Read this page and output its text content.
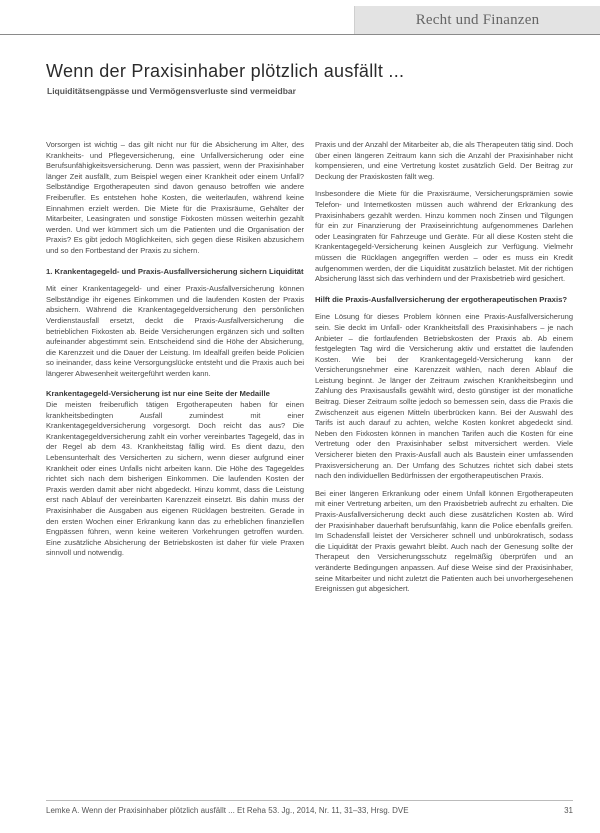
Recht und Finanzen
Wenn der Praxisinhaber plötzlich ausfällt ...

Liquiditätsengpässe und Vermögensverluste sind vermeidbar

Vorsorgen ist wichtig – das gilt nicht nur für die Absicherung im Alter, des Krankheits- und Pflegeversicherung, eine Unfallversicherung oder eine Berufsunfähigkeitsversicherung. Denn was passiert, wenn der Praxisinhaber länger Zeit ausfällt, zum Beispiel wegen einer Krankheit oder einem Unfall? Selbständige Ergotherapeuten sind davon genauso betroffen wie andere Freiberufler. Es entstehen hohe Kosten, die weiterlaufen, während keine Einnahmen erzielt werden. Die Miete für die Praxisräume, Gehälter der Mitarbeiter, Leasingraten und sonstige Fixkosten müssen weiterhin gezahlt werden. Und wer kümmert sich um die Patienten und die Organisation der Praxis? Es gibt jedoch Möglichkeiten, sich gegen diese Risiken abzusichern und so den Fortbestand der Praxis zu sichern.

1. Krankentagegeld- und Praxis-Ausfallversicherung sichern Liquidität

Mit einer Krankentagegeld- und einer Praxis-Ausfallversicherung können Selbständige ihr eigenes Einkommen und die laufenden Kosten der Praxis absichern. Während die Krankentagegeldversicherung den persönlichen Verdienstausfall ersetzt, deckt die Praxis-Ausfallversicherung die betrieblichen Fixkosten ab. Beide Versicherungen ergänzen sich und sollten aufeinander abgestimmt sein. Entscheidend sind die Höhe der Absicherung, die Karenzzeit und die Dauer der Leistung. Im Idealfall greifen beide Policien so ineinander, dass keine Versorgungslücke entsteht und die Praxis auch bei längerer Abwesenheit weitergeführt werden kann.

Krankentagegeld-Versicherung ist nur eine Seite der Medaille

Die meisten freiberuflich tätigen Ergotherapeuten haben für einen krankheitsbedingten Ausfall zumindest mit einer Krankentagegeldversicherung vorgesorgt. Doch reicht das aus? Die Krankentagegeldversicherung zahlt ein vorher vereinbartes Tagegeld, das in der Regel ab dem 43. Krankheitstag fällig wird. Es dient dazu, den Lebensunterhalt des Versicherten zu sichern, wenn dieser aufgrund einer Krankheit oder eines Unfalls nicht arbeiten kann. Die Höhe des Tagegeldes richtet sich nach dem bisherigen Einkommen. Die laufenden Kosten der Praxis werden damit aber nicht abgedeckt. Hinzu kommt, dass die Leistung erst nach Ablauf der vereinbarten Karenzzeit einsetzt. Bis dahin muss der Praxisinhaber die Ausgaben aus eigenen Rücklagen bestreiten. Gerade in den ersten Wochen einer Erkrankung kann das zu erheblichen finanziellen Engpässen führen, wenn keine weiteren Vorkehrungen getroffen wurden. Eine zusätzliche Absicherung der Betriebskosten ist daher für viele Praxen sinnvoll und notwendig.

Praxis und der Anzahl der Mitarbeiter ab, die als Therapeuten tätig sind. Doch über einen längeren Zeitraum kann sich die Anzahl der Praxisinhaber nicht kompensieren, und eine Vertretung kostet zusätzlich Geld. Der Beitrag zur Deckung der Praxiskosten fällt weg.

Insbesondere die Miete für die Praxisräume, Versicherungsprämien sowie Telefon- und Internetkosten müssen auch während der Erkrankung des Praxisinhabers gezahlt werden. Hinzu kommen noch Zinsen und Tilgungen für ein zur Finanzierung der Praxiseinrichtung aufgenommenes Darlehen oder Leasingraten für Fahrzeuge und Geräte. Für all diese Kosten steht die Krankentagegeld-Versicherung keinen Ausgleich zur Verfügung. Vielmehr müssen die Rücklagen angegriffen werden – oder es muss ein Kredit aufgenommen werden, der die Liquidität zusätzlich belastet. Mit der richtigen Absicherung lässt sich das verhindern und der Praxisbetrieb wird gesichert.

Hilft die Praxis-Ausfallversicherung der ergotherapeutischen Praxis?

Eine Lösung für dieses Problem können eine Praxis-Ausfallversicherung sein. Sie deckt im Unfall- oder Krankheitsfall des Praxisinhabers – je nach Anbieter – die fortlaufenden Betriebskosten der Praxis ab. Ab einem festgelegten Tag wird die Versicherung aktiv und erstattet die laufenden Kosten. Wie bei der Krankentagegeld-Versicherung kann der Versicherungsnehmer eine Karenzzeit wählen, nach deren Ablauf die Leistung beginnt. Je länger der Zeitraum zwischen Krankheitsbeginn und Zahlung des Praxisausfalls gewählt wird, desto günstiger ist der monatliche Beitrag. Dieser Zeitraum sollte jedoch so bemessen sein, dass die Praxis die Zwischenzeit aus eigenen Mitteln überbrücken kann. Bei der Auswahl des Tarifs ist auch darauf zu achten, welche Kosten konkret abgedeckt sind. Neben den Fixkosten können in manchen Tarifen auch die Kosten für eine Vertretung oder den Praxisinhaber selbst mitversichert werden. Viele Versicherer bieten den Praxis-Ausfall auch als Baustein einer umfassenden Praxisversicherung an. Der Umfang des Schutzes richtet sich dabei stets nach den individuellen Bedürfnissen der ergotherapeutischen Praxis.

Bei einer längeren Erkrankung oder einem Unfall können Ergotherapeuten mit einer Vertretung arbeiten, um den Praxisbetrieb aufrecht zu erhalten. Die Praxis-Ausfallversicherung deckt auch diese zusätzlichen Kosten ab. Wird der Praxisinhaber dauerhaft berufsunfähig, kann die Police ebenfalls greifen. Im Schadensfall leistet der Versicherer schnell und unbürokratisch, sodass die Liquidität der Praxis gewahrt bleibt. Auch nach der Genesung sollte der Therapeut den Versicherungsschutz regelmäßig überprüfen und an veränderte Bedingungen anpassen. Auf diese Weise sind der Praxisinhaber, seine Mitarbeiter und nicht zuletzt die Patienten auch bei unvorhergesehenen Ereignissen gut abgesichert.

Lemke A. Wenn der Praxisinhaber plötzlich ausfällt ... Et Reha 53. Jg., 2014, Nr. 11, 31–33, Hrsg. DVE	31
